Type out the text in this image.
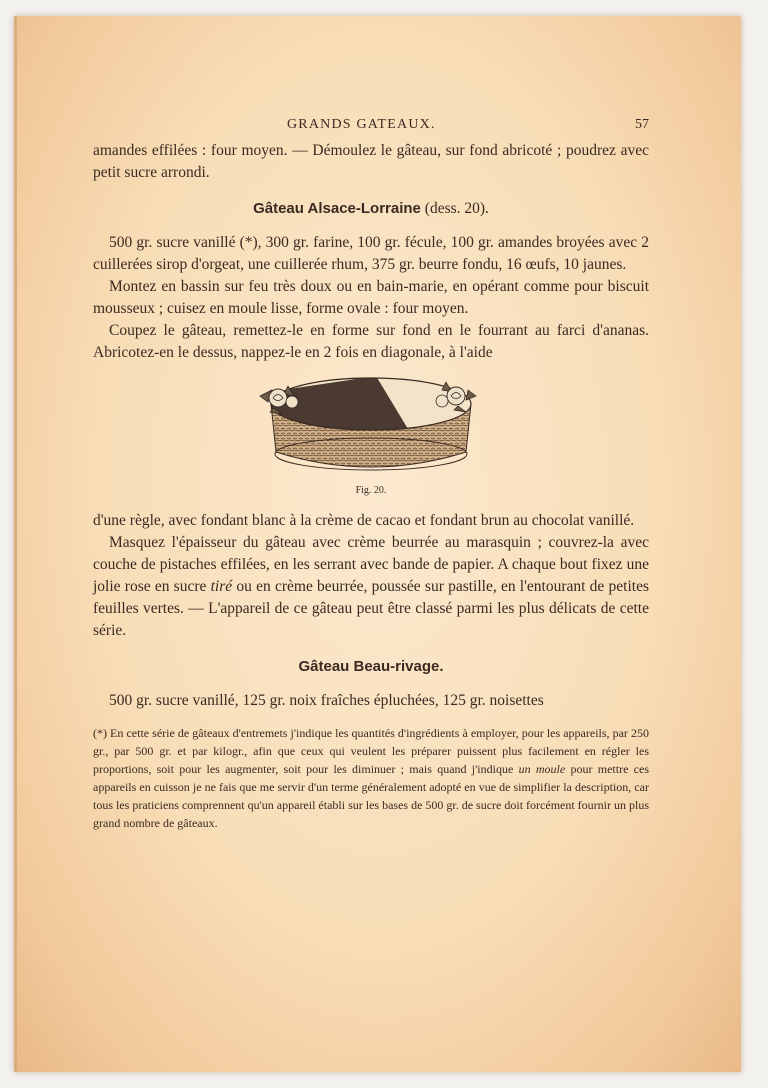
GRANDS GATEAUX.	57

amandes effilées : four moyen. — Démoulez le gâteau, sur fond abricoté ; poudrez avec petit sucre arrondi.

Gâteau Alsace-Lorraine (dess. 20).

500 gr. sucre vanillé (*), 300 gr. farine, 100 gr. fécule, 100 gr. amandes broyées avec 2 cuillerées sirop d'orgeat, une cuillerée rhum, 375 gr. beurre fondu, 16 œufs, 10 jaunes.

Montez en bassin sur feu très doux ou en bain-marie, en opérant comme pour biscuit mousseux ; cuisez en moule lisse, forme ovale : four moyen.

Coupez le gâteau, remettez-le en forme sur fond en le fourrant au farci d'ananas. Abricotez-en le dessus, nappez-le en 2 fois en diagonale, à l'aide

Fig. 20.

d'une règle, avec fondant blanc à la crème de cacao et fondant brun au chocolat vanillé.

Masquez l'épaisseur du gâteau avec crème beurrée au marasquin ; couvrez-la avec couche de pistaches effilées, en les serrant avec bande de papier. A chaque bout fixez une jolie rose en sucre tiré ou en crème beurrée, poussée sur pastille, en l'entourant de petites feuilles vertes. — L'appareil de ce gâteau peut être classé parmi les plus délicats de cette série.

Gâteau Beau-rivage.

500 gr. sucre vanillé, 125 gr. noix fraîches épluchées, 125 gr. noisettes

(*) En cette série de gâteaux d'entremets j'indique les quantités d'ingrédients à employer, pour les appareils, par 250 gr., par 500 gr. et par kilogr., afin que ceux qui veulent les préparer puissent plus facilement en régler les proportions, soit pour les augmenter, soit pour les diminuer ; mais quand j'indique un moule pour mettre ces appareils en cuisson je ne fais que me servir d'un terme généralement adopté en vue de simplifier la description, car tous les praticiens comprennent qu'un appareil établi sur les bases de 500 gr. de sucre doit forcément fournir un plus grand nombre de gâteaux.
